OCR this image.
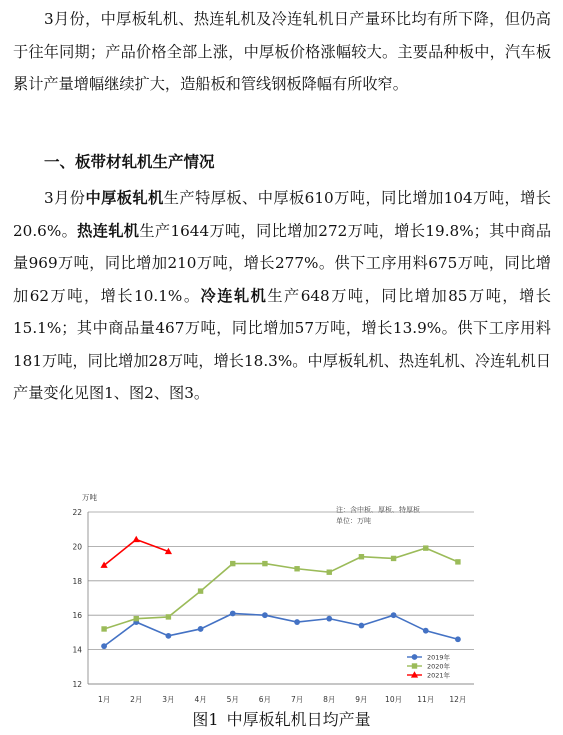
3月份，中厚板轧机、热连轧机及冷连轧机日产量环比均有所下降，但仍高于往年同期；产品价格全部上涨，中厚板价格涨幅较大。主要品种板中，汽车板累计产量增幅继续扩大，造船板和管线钢板降幅有所收窄。

一、板带材轧机生产情况

3月份中厚板轧机生产特厚板、中厚板610万吨，同比增加104万吨，增长20.6%。热连轧机生产1644万吨，同比增加272万吨，增长19.8%；其中商品量969万吨，同比增加210万吨，增长277%。供下工序用料675万吨，同比增加62万吨，增长10.1%。冷连轧机生产648万吨，同比增加85万吨，增长15.1%；其中商品量467万吨，同比增加57万吨，增长13.9%。供下工序用料181万吨，同比增加28万吨，增长18.3%。中厚板轧机、热连轧机、冷连轧机日产量变化见图1、图2、图3。

万吨
注：含中板、厚板、特厚板
单位：万吨
12
14
16
18
20
22
1月	2月	3月	4月	5月	6月	7月	8月	9月 10月 11月 12月
2019年
2020年
2021年
图1 中厚板轧机日均产量
